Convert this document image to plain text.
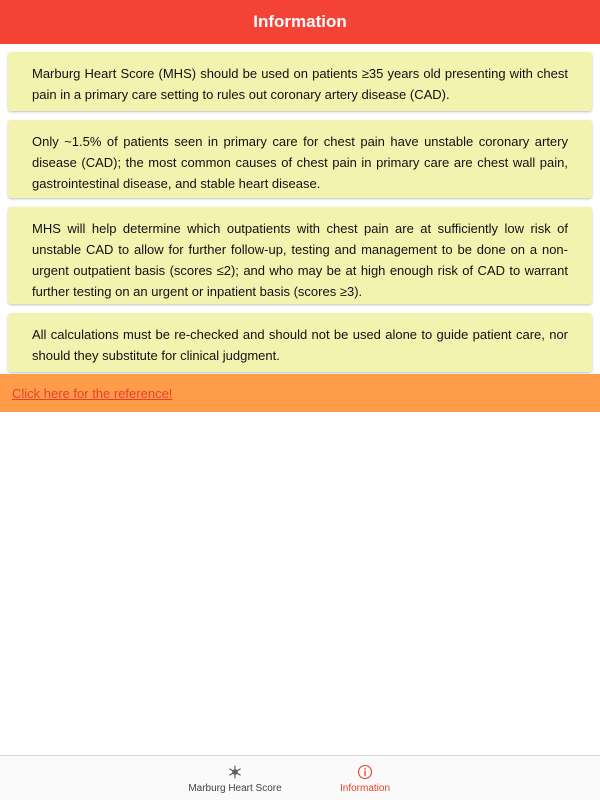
Information
Marburg Heart Score (MHS) should be used on patients ≥35 years old presenting with chest pain in a primary care setting to rules out coronary artery disease (CAD).
Only ~1.5% of patients seen in primary care for chest pain have unstable coronary artery disease (CAD); the most common causes of chest pain in primary care are chest wall pain, gastrointestinal disease, and stable heart disease.
MHS will help determine which outpatients with chest pain are at sufficiently low risk of unstable CAD to allow for further follow-up, testing and management to be done on a non-urgent outpatient basis (scores ≤2); and who may be at high enough risk of CAD to warrant further testing on an urgent or inpatient basis (scores ≥3).
All calculations must be re-checked and should not be used alone to guide patient care, nor should they substitute for clinical judgment.
Click here for the reference!
Marburg Heart Score	Information
